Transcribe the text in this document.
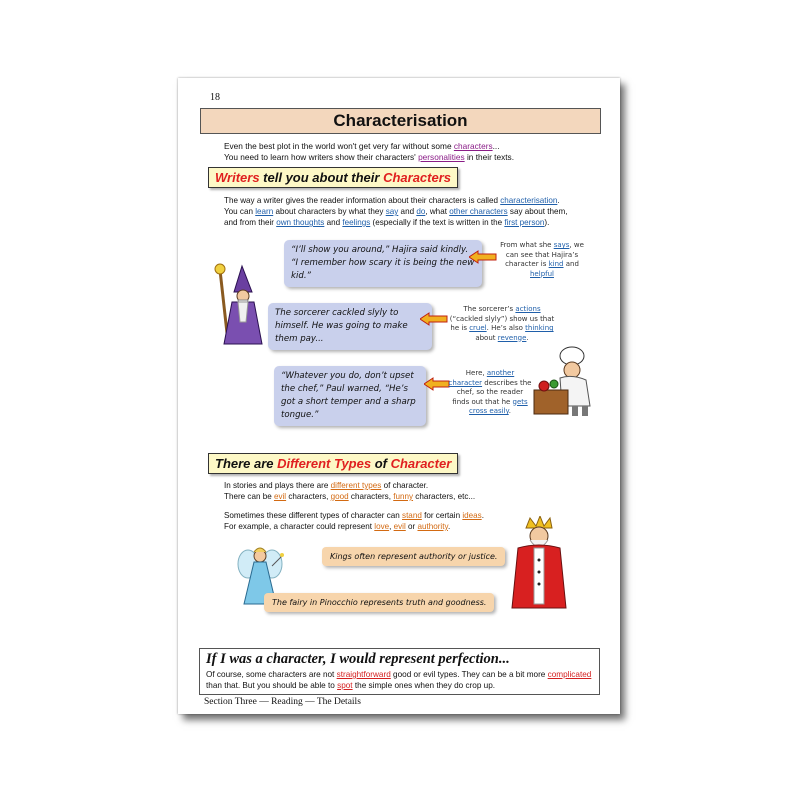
18
Characterisation
Even the best plot in the world won't get very far without some characters...
You need to learn how writers show their characters' personalities in their texts.
Writers tell you about their Characters
The way a writer gives the reader information about their characters is called characterisation.
You can learn about characters by what they say and do, what other characters say about them,
and from their own thoughts and feelings (especially if the text is written in the first person).
“I’ll show you around,” Hajira said kindly. “I remember how scary it is being the new kid.”
From what she says, we can see that Hajira’s character is kind and helpful
The sorcerer cackled slyly to himself. He was going to make them pay...
The sorcerer’s actions (“cackled slyly”) show us that he is cruel. He’s also thinking about revenge.
“Whatever you do, don’t upset the chef,” Paul warned, “He’s got a short temper and a sharp tongue.”
Here, another character describes the chef, so the reader finds out that he gets cross easily.
There are Different Types of Character
In stories and plays there are different types of character.
There can be evil characters, good characters, funny characters, etc...
Sometimes these different types of character can stand for certain ideas.
For example, a character could represent love, evil or authority.
Kings often represent authority or justice.
The fairy in Pinocchio represents truth and goodness.
If I was a character, I would represent perfection...
Of course, some characters are not straightforward good or evil types. They can be a bit more complicated than that. But you should be able to spot the simple ones when they do crop up.
Section Three — Reading — The Details
